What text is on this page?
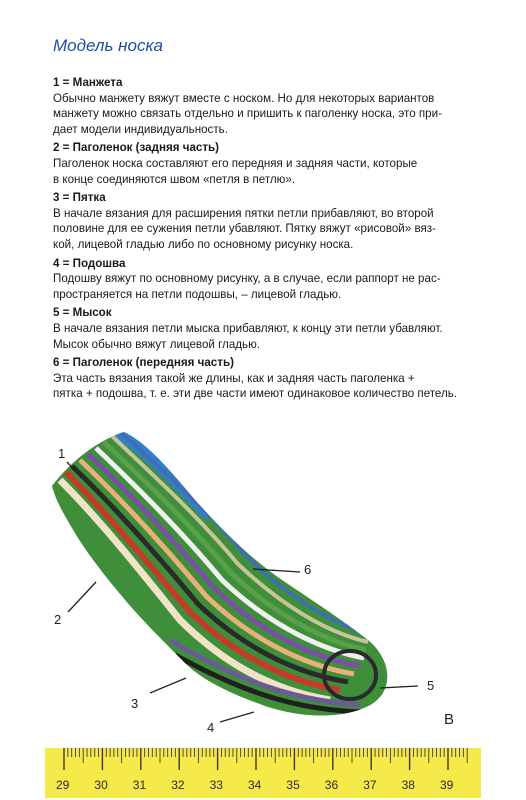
Модель носка
1 = Манжета
Обычно манжету вяжут вместе с носком. Но для некоторых вариантов
манжету можно связать отдельно и пришить к паголенку носка, это при-
дает модели индивидуальность.
2 = Паголенок (задняя часть)
Паголенок носка составляют его передняя и задняя части, которые
в конце соединяются швом «петля в петлю».
3 = Пятка
В начале вязания для расширения пятки петли прибавляют, во второй
половине для ее сужения петли убавляют. Пятку вяжут «рисовой» вяз-
кой, лицевой гладью либо по основному рисунку носка.
4 = Подошва
Подошву вяжут по основному рисунку, а в случае, если раппорт не рас-
пространяется на петли подошвы, – лицевой гладью.
5 = Мысок
В начале вязания петли мыска прибавляют, к концу эти петли убавляют.
Мысок обычно вяжут лицевой гладью.
6 = Паголенок (передняя часть)
Эта часть вязания такой же длины, как и задняя часть паголенка +
пятка + подошва, т. е. эти две части имеют одинаковое количество петель.
1
2
3
4
5
6
B
29 30 31 32 33 34 35 36 37 38 39
